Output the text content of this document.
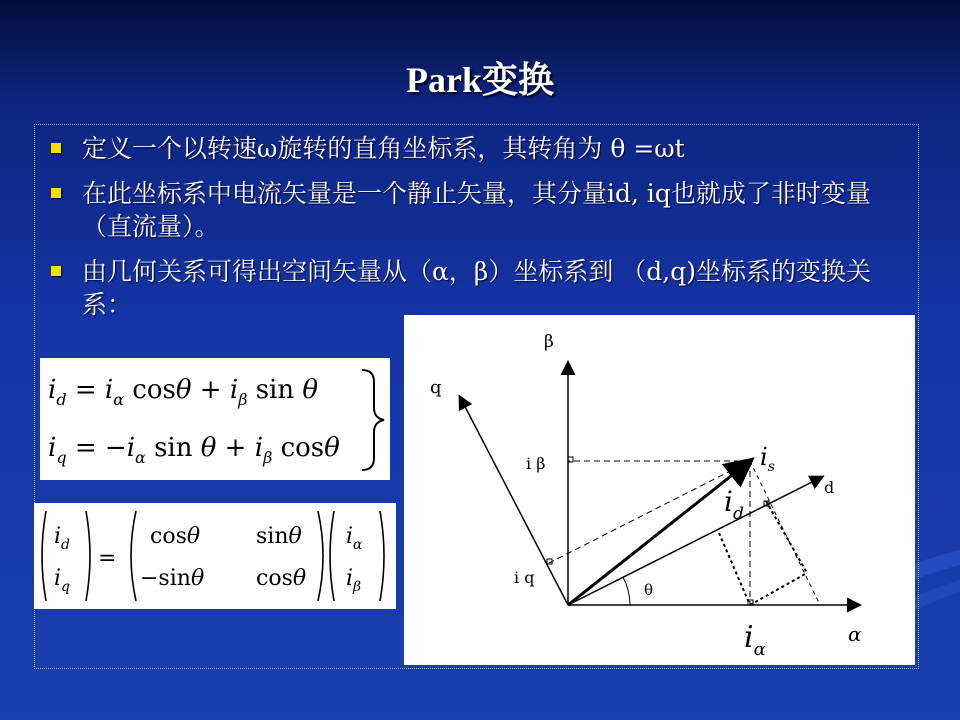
Park变换
定义一个以转速ω旋转的直角坐标系，其转角为 θ =ωt
在此坐标系中电流矢量是一个静止矢量，其分量id, iq也就成了非时变量（直流量）。
由几何关系可得出空间矢量从（α，β）坐标系到 （d,q)坐标系的变换关系：
$i_d = i_\alpha$ $\cos\theta + i_\beta$ sin θ
$i_q = -i_\alpha$ $\sin \theta + i_\beta$ cosθ
$i_d$
$i_q$
=
cosθ	sinθ
−sinθ cosθ
$i_\alpha$
$i_\beta$
β
α
q
d
i β
i q
θ
$i_s$
$i_d$
$i_\alpha$
